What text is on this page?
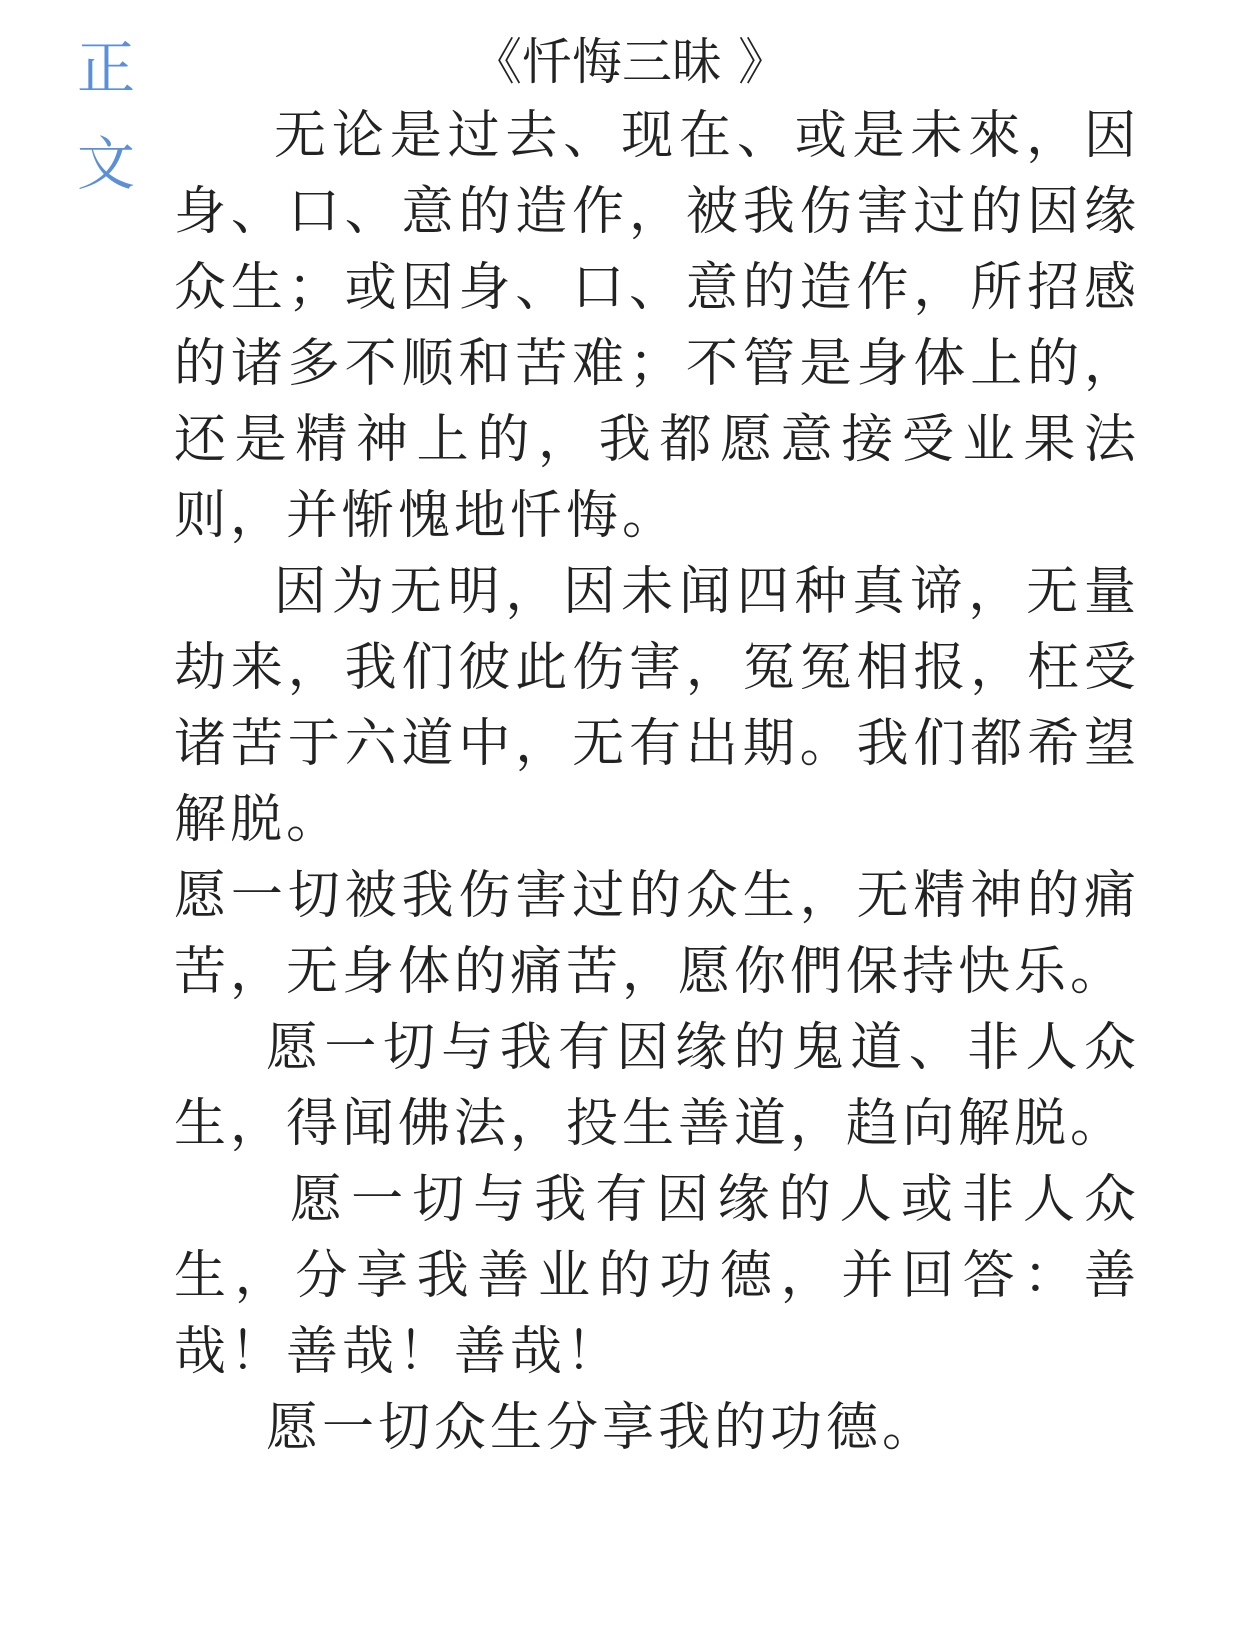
正
文
《忏悔三昧 》

无论是过去、现在、或是未來，因身、口、意的造作，被我伤害过的因缘众生；或因身、口、意的造作，所招感的诸多不顺和苦难；不管是身体上的，还是精神上的，我都愿意接受业果法则，并惭愧地忏悔。

因为无明，因未闻四种真谛，无量劫来，我们彼此伤害，冤冤相报，枉受诸苦于六道中，无有出期。我们都希望解脱。

愿一切被我伤害过的众生，无精神的痛苦，无身体的痛苦，愿你們保持快乐。

愿一切与我有因缘的鬼道、非人众生，得闻佛法，投生善道，趋向解脱。

愿一切与我有因缘的人或非人众生，分享我善业的功德，并回答：善哉！善哉！善哉！

愿一切众生分享我的功德。
